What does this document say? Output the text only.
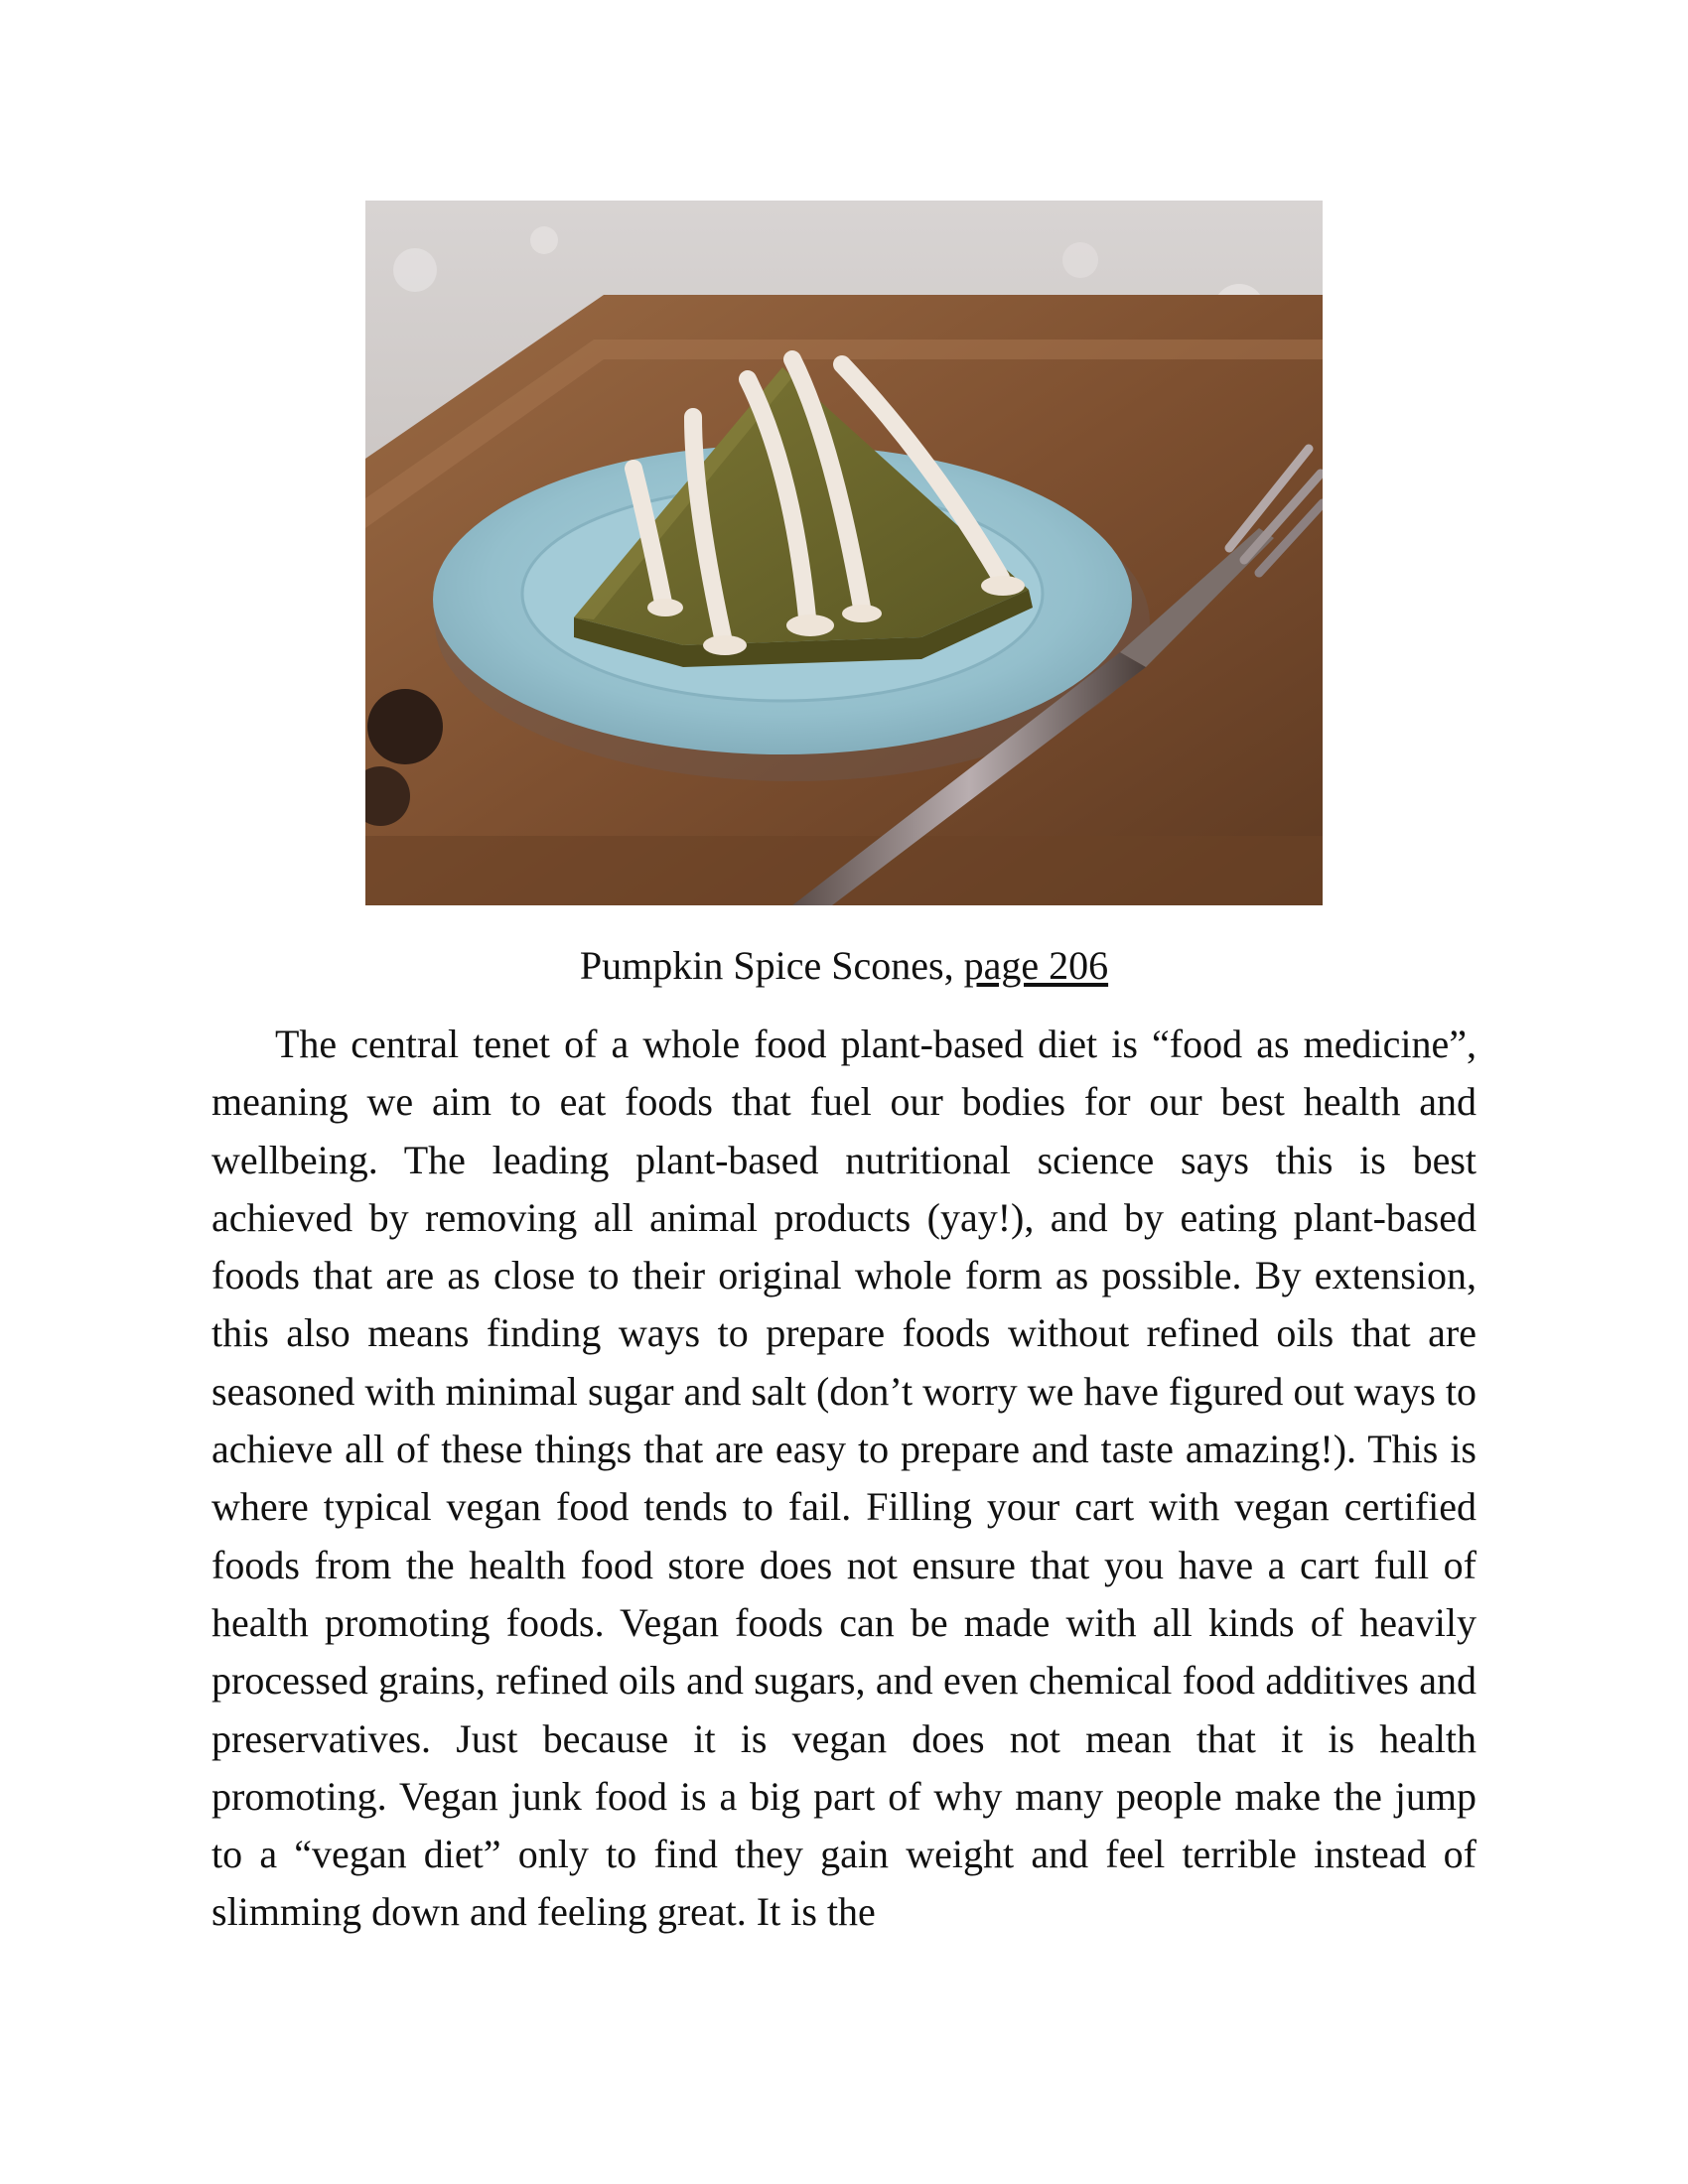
Pumpkin Spice Scones, page 206

The central tenet of a whole food plant-based diet is “food as medicine”, meaning we aim to eat foods that fuel our bodies for our best health and wellbeing. The leading plant-based nutritional science says this is best achieved by removing all animal products (yay!), and by eating plant-based foods that are as close to their original whole form as possible. By extension, this also means finding ways to prepare foods without refined oils that are seasoned with minimal sugar and salt (don’t worry we have figured out ways to achieve all of these things that are easy to prepare and taste amazing!). This is where typical vegan food tends to fail. Filling your cart with vegan certified foods from the health food store does not ensure that you have a cart full of health promoting foods. Vegan foods can be made with all kinds of heavily processed grains, refined oils and sugars, and even chemical food additives and preservatives. Just because it is vegan does not mean that it is health promoting. Vegan junk food is a big part of why many people make the jump to a “vegan diet” only to find they gain weight and feel terrible instead of slimming down and feeling great. It is the
